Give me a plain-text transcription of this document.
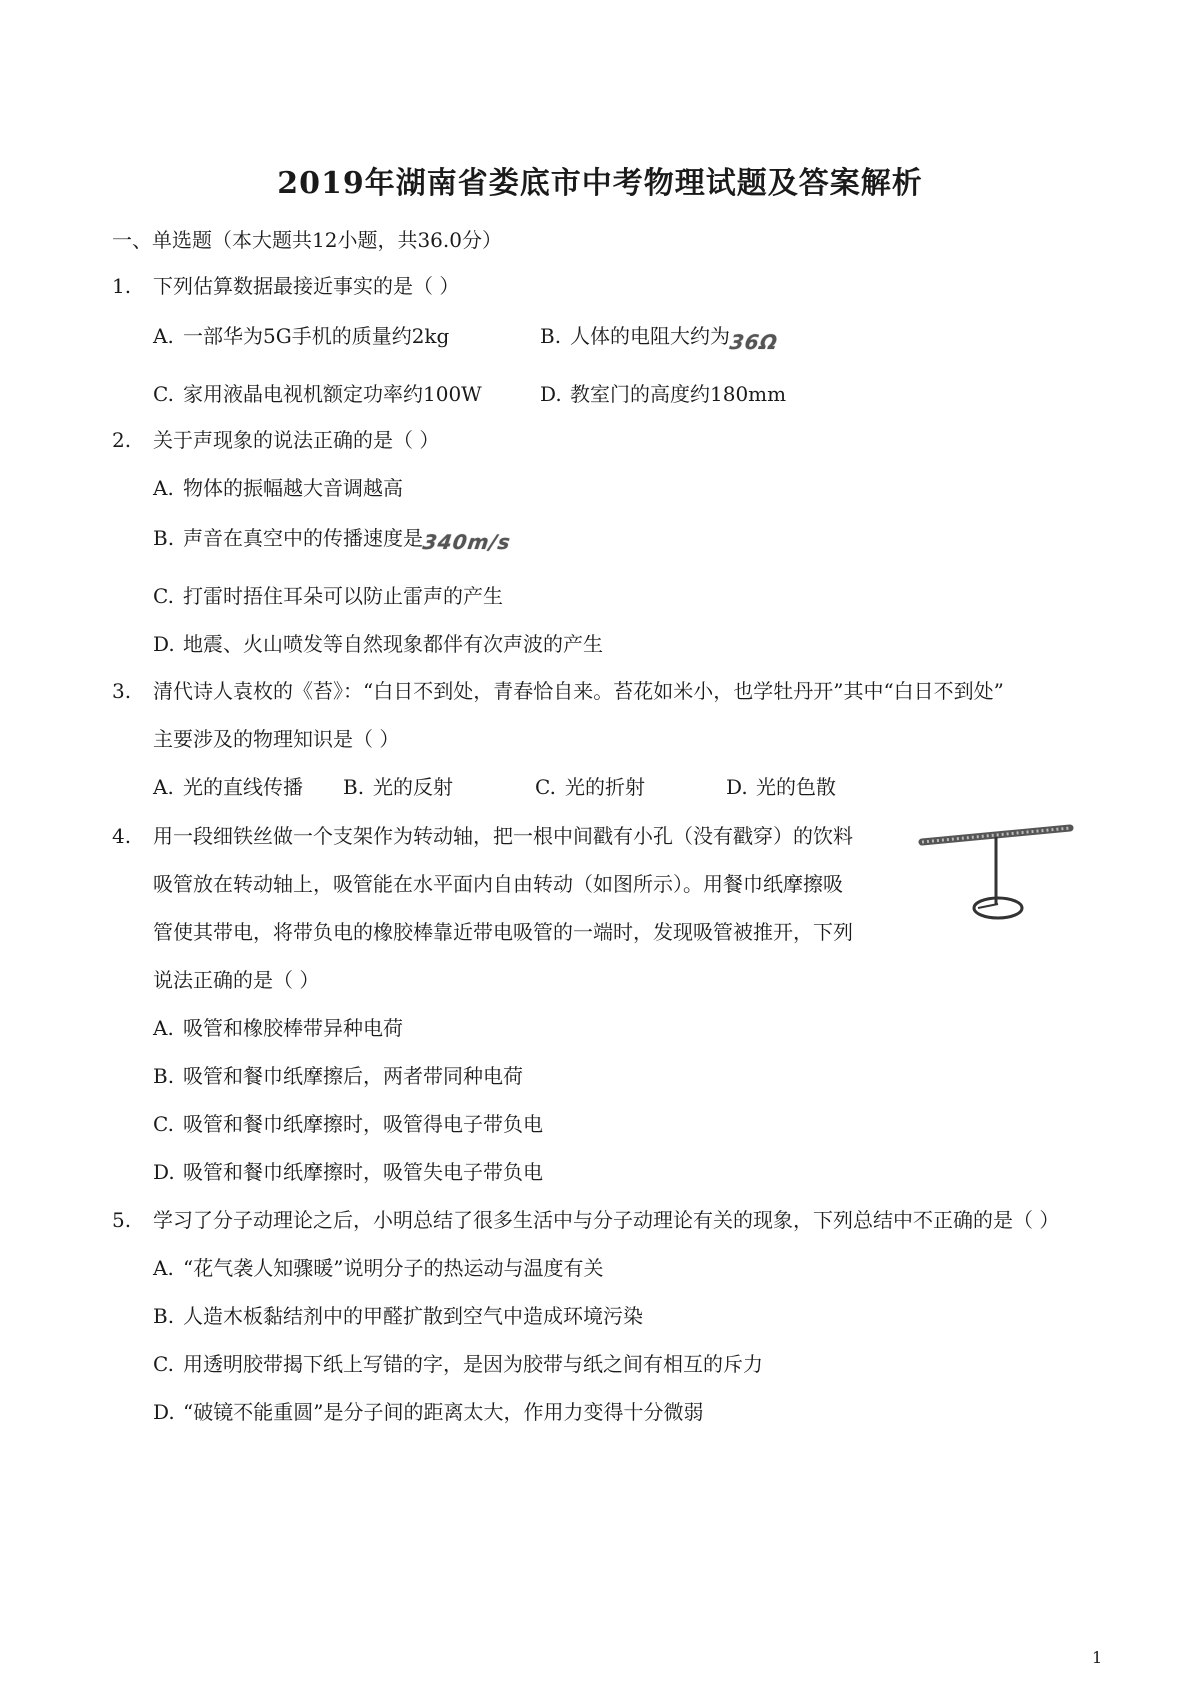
2019年湖南省娄底市中考物理试题及答案解析
一、单选题（本大题共12小题，共36.0分）
1. 下列估算数据最接近事实的是（ ）
A. 一部华为5G手机的质量约2kg	B. 人体的电阻大约为36Ω
C. 家用液晶电视机额定功率约100W	D. 教室门的高度约180mm
2. 关于声现象的说法正确的是（ ）
A. 物体的振幅越大音调越高
B. 声音在真空中的传播速度是340m/s
C. 打雷时捂住耳朵可以防止雷声的产生
D. 地震、火山喷发等自然现象都伴有次声波的产生
3. 清代诗人袁枚的《苔》：“白日不到处，青春恰自来。苔花如米小，也学牡丹开”其中“白日不到处”
主要涉及的物理知识是（ ）
A. 光的直线传播 B. 光的反射	C. 光的折射	D. 光的色散
4. 用一段细铁丝做一个支架作为转动轴，把一根中间戳有小孔（没有戳穿）的饮料
吸管放在转动轴上，吸管能在水平面内自由转动（如图所示）。用餐巾纸摩擦吸
管使其带电，将带负电的橡胶棒靠近带电吸管的一端时，发现吸管被推开，下列
说法正确的是（ ）
A. 吸管和橡胶棒带异种电荷
B. 吸管和餐巾纸摩擦后，两者带同种电荷
C. 吸管和餐巾纸摩擦时，吸管得电子带负电
D. 吸管和餐巾纸摩擦时，吸管失电子带负电
5. 学习了分子动理论之后，小明总结了很多生活中与分子动理论有关的现象，下列总结中不正确的是（ ）
A. “花气袭人知骤暖”说明分子的热运动与温度有关
B. 人造木板黏结剂中的甲醛扩散到空气中造成环境污染
C. 用透明胶带揭下纸上写错的字，是因为胶带与纸之间有相互的斥力
D. “破镜不能重圆”是分子间的距离太大，作用力变得十分微弱
1
